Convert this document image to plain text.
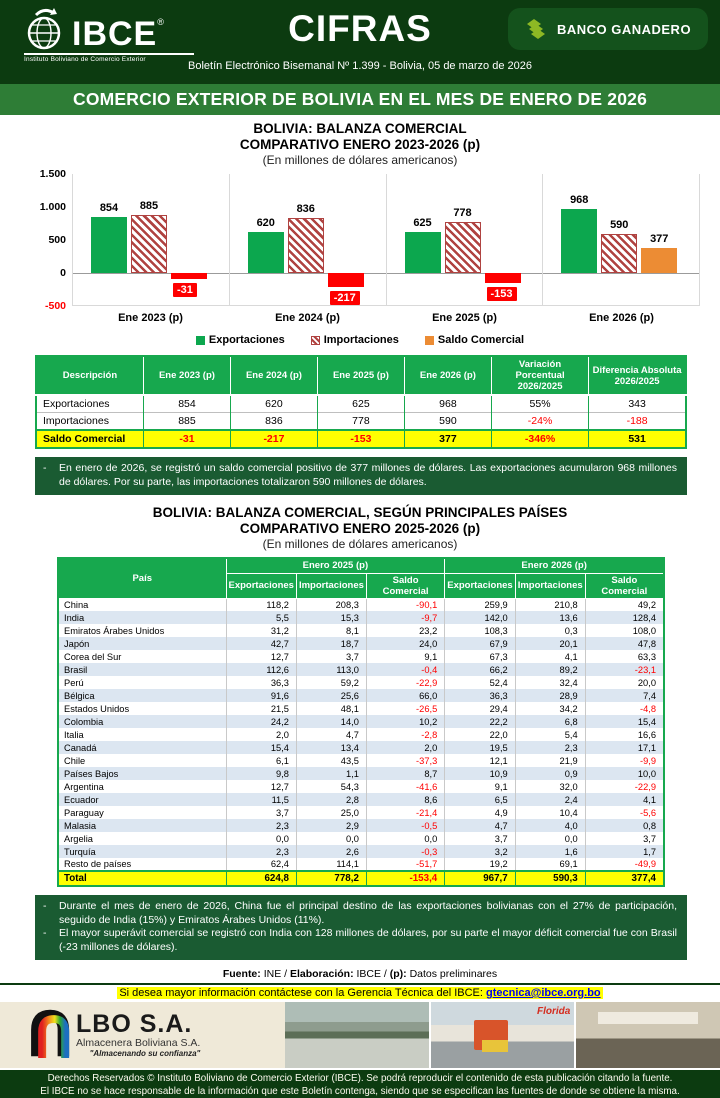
IBCE®
Instituto Boliviano de Comercio Exterior
CIFRAS	BANCO GANADERO
Boletín Electrónico Bisemanal Nº 1.399 - Bolivia, 05 de marzo de 2026
COMERCIO EXTERIOR DE BOLIVIA EN EL MES DE ENERO DE 2026
BOLIVIA: BALANZA COMERCIAL
COMPARATIVO ENERO 2023-2026 (p)
(En millones de dólares americanos)
1.500
1.000
500
0
-500
854	885
-31
620
836
-217
625
778
-153
968
590
377
Ene 2023 (p)	Ene 2024 (p)	Ene 2025 (p)	Ene 2026 (p)
Exportaciones	Importaciones	Saldo Comercial
Descripción	Ene 2023 (p)	Ene 2024 (p)	Ene 2025 (p)	Ene 2026 (p)	Variación Porcentual 2026/2025	Diferencia Absoluta 2026/2025
Exportaciones	854	620	625	968	55%	343
Importaciones	885	836	778	590	-24%	-188
Saldo Comercial	-31	-217	-153	377	-346%	531
-	En enero de 2026, se registró un saldo comercial positivo de 377 millones de dólares. Las exportaciones acumularon 968 millones de dólares. Por su parte, las importaciones totalizaron 590 millones de dólares.
BOLIVIA: BALANZA COMERCIAL, SEGÚN PRINCIPALES PAÍSES
COMPARATIVO ENERO 2025-2026 (p)
(En millones de dólares americanos)
País	Enero 2025 (p)			Enero 2026 (p)		
	Exportaciones	Importaciones	Saldo Comercial	Exportaciones	Importaciones	Saldo Comercial
China	118,2	208,3	-90,1	259,9	210,8	49,2
India	5,5	15,3	-9,7	142,0	13,6	128,4
Emiratos Árabes Unidos	31,2	8,1	23,2	108,3	0,3	108,0
Japón	42,7	18,7	24,0	67,9	20,1	47,8
Corea del Sur	12,7	3,7	9,1	67,3	4,1	63,3
Brasil	112,6	113,0	-0,4	66,2	89,2	-23,1
Perú	36,3	59,2	-22,9	52,4	32,4	20,0
Bélgica	91,6	25,6	66,0	36,3	28,9	7,4
Estados Unidos	21,5	48,1	-26,5	29,4	34,2	-4,8
Colombia	24,2	14,0	10,2	22,2	6,8	15,4
Italia	2,0	4,7	-2,8	22,0	5,4	16,6
Canadá	15,4	13,4	2,0	19,5	2,3	17,1
Chile	6,1	43,5	-37,3	12,1	21,9	-9,9
Países Bajos	9,8	1,1	8,7	10,9	0,9	10,0
Argentina	12,7	54,3	-41,6	9,1	32,0	-22,9
Ecuador	11,5	2,8	8,6	6,5	2,4	4,1
Paraguay	3,7	25,0	-21,4	4,9	10,4	-5,6
Malasia	2,3	2,9	-0,5	4,7	4,0	0,8
Argelia	0,0	0,0	0,0	3,7	0,0	3,7
Turquía	2,3	2,6	-0,3	3,2	1,6	1,7
Resto de países	62,4	114,1	-51,7	19,2	69,1	-49,9
Total	624,8	778,2	-153,4	967,7	590,3	377,4
-	Durante el mes de enero de 2026, China fue el principal destino de las exportaciones bolivianas con el 27% de participación, seguido de India (15%) y Emiratos Árabes Unidos (11%).
-	El mayor superávit comercial se registró con India con 128 millones de dólares, por su parte el mayor déficit comercial fue con Brasil (-23 millones de dólares).
Fuente: INE / Elaboración: IBCE / (p): Datos preliminares
Si desea mayor información contáctese con la Gerencia Técnica del IBCE: gtecnica@ibce.org.bo
LBO S.A.
Almacenera Boliviana S.A.
"Almacenando su confianza"
Florida
Derechos Reservados © Instituto Boliviano de Comercio Exterior (IBCE). Se podrá reproducir el contenido de esta publicación citando la fuente.
El IBCE no se hace responsable de la información que este Boletín contenga, siendo que se especifican las fuentes de donde se obtiene la misma.
